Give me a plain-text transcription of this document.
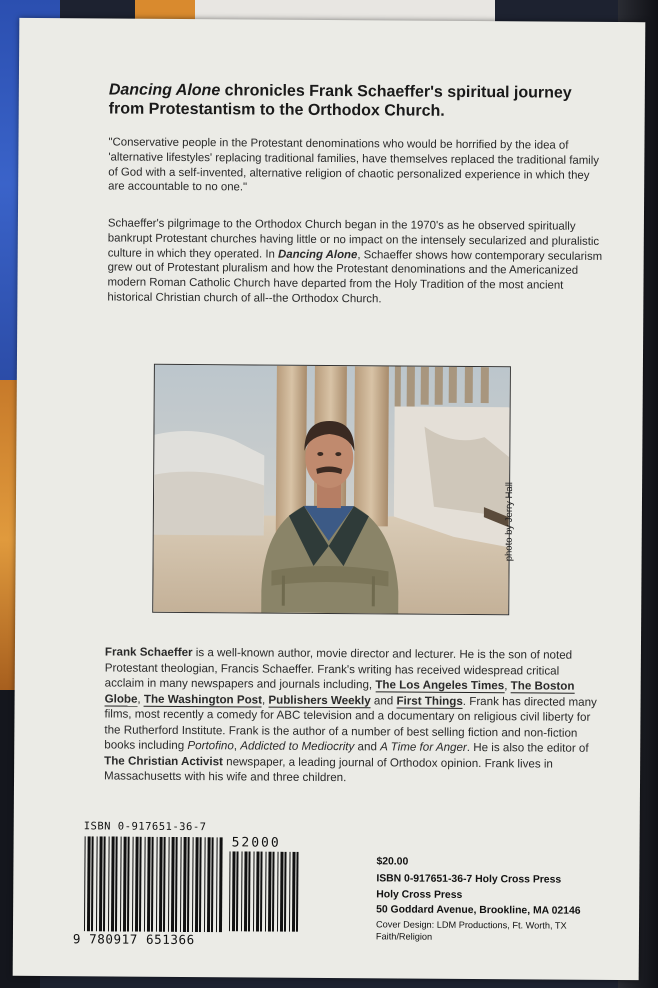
Dancing Alone chronicles Frank Schaeffer's spiritual journey from Protestantism to the Orthodox Church.
"Conservative people in the Protestant denominations who would be horrified by the idea of 'alternative lifestyles' replacing traditional families, have themselves replaced the traditional family of God with a self-invented, alternative religion of chaotic personalized experience in which they are accountable to no one."
Schaeffer's pilgrimage to the Orthodox Church began in the 1970's as he observed spiritually bankrupt Protestant churches having little or no impact on the intensely secularized and pluralistic culture in which they operated. In Dancing Alone, Schaeffer shows how contemporary secularism grew out of Protestant pluralism and how the Protestant denominations and the Americanized modern Roman Catholic Church have departed from the Holy Tradition of the most ancient historical Christian church of all--the Orthodox Church.
photo by Jerry Hall
Frank Schaeffer is a well-known author, movie director and lecturer. He is the son of noted Protestant theologian, Francis Schaeffer. Frank's writing has received widespread critical acclaim in many newspapers and journals including, The Los Angeles Times, The Boston Globe, The Washington Post, Publishers Weekly and First Things. Frank has directed many films, most recently a comedy for ABC television and a documentary on religious civil liberty for the Rutherford Institute. Frank is the author of a number of best selling fiction and non-fiction books including Portofino, Addicted to Mediocrity and A Time for Anger. He is also the editor of The Christian Activist newspaper, a leading journal of Orthodox opinion. Frank lives in Massachusetts with his wife and three children.
ISBN 0-917651-36-7
52000
9 780917 651366
$20.00
ISBN 0-917651-36-7 Holy Cross Press
Holy Cross Press
50 Goddard Avenue, Brookline, MA 02146
Cover Design: LDM Productions, Ft. Worth, TX
Faith/Religion
